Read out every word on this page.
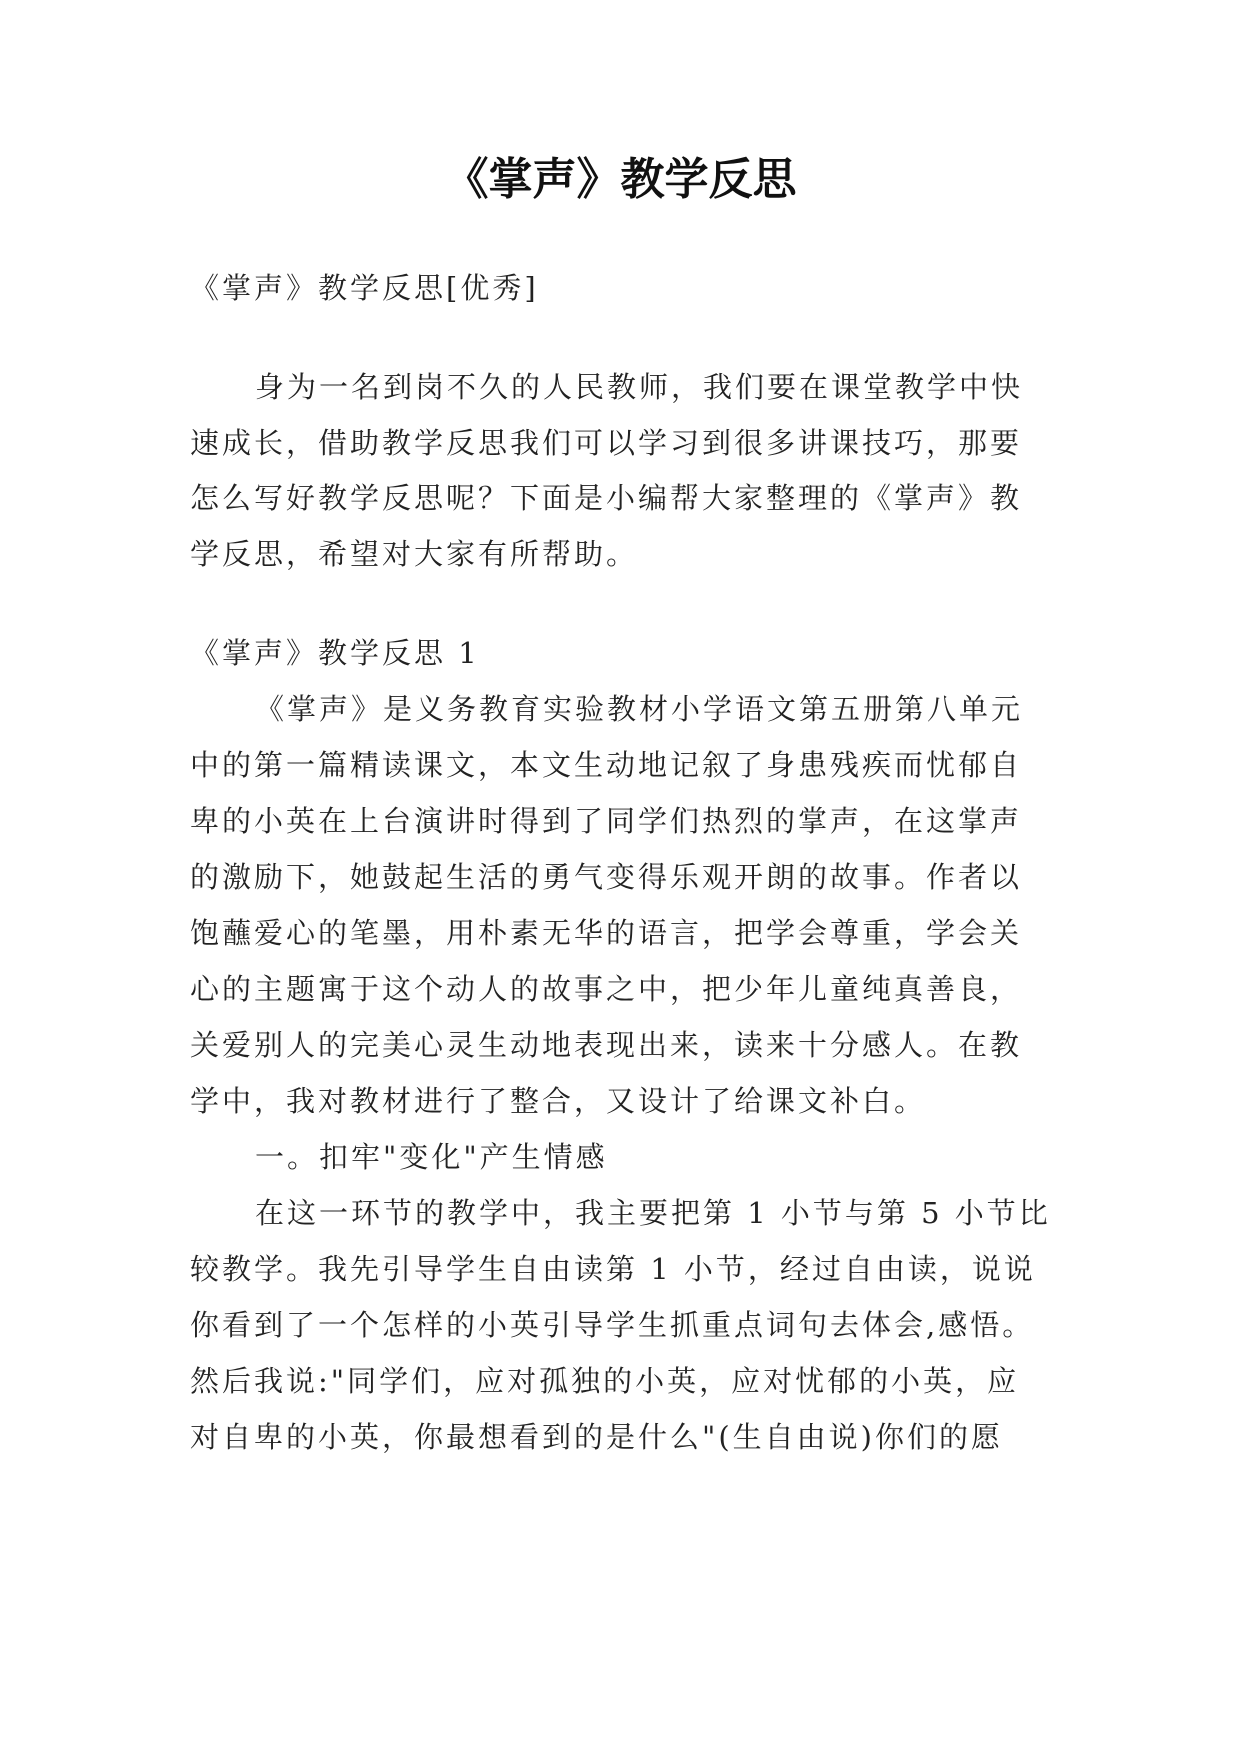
《掌声》教学反思
《掌声》教学反思[优秀]
身为一名到岗不久的人民教师，我们要在课堂教学中快
速成长，借助教学反思我们可以学习到很多讲课技巧，那要
怎么写好教学反思呢？下面是小编帮大家整理的《掌声》教
学反思，希望对大家有所帮助。
《掌声》教学反思 1
《掌声》是义务教育实验教材小学语文第五册第八单元
中的第一篇精读课文，本文生动地记叙了身患残疾而忧郁自
卑的小英在上台演讲时得到了同学们热烈的掌声，在这掌声
的激励下，她鼓起生活的勇气变得乐观开朗的故事。作者以
饱蘸爱心的笔墨，用朴素无华的语言，把学会尊重，学会关
心的主题寓于这个动人的故事之中，把少年儿童纯真善良，
关爱别人的完美心灵生动地表现出来，读来十分感人。在教
学中，我对教材进行了整合，又设计了给课文补白。
一。扣牢"变化"产生情感
在这一环节的教学中，我主要把第 1 小节与第 5 小节比
较教学。我先引导学生自由读第 1 小节，经过自由读，说说
你看到了一个怎样的小英引导学生抓重点词句去体会,感悟。
然后我说:"同学们，应对孤独的小英，应对忧郁的小英，应
对自卑的小英，你最想看到的是什么"(生自由说)你们的愿
